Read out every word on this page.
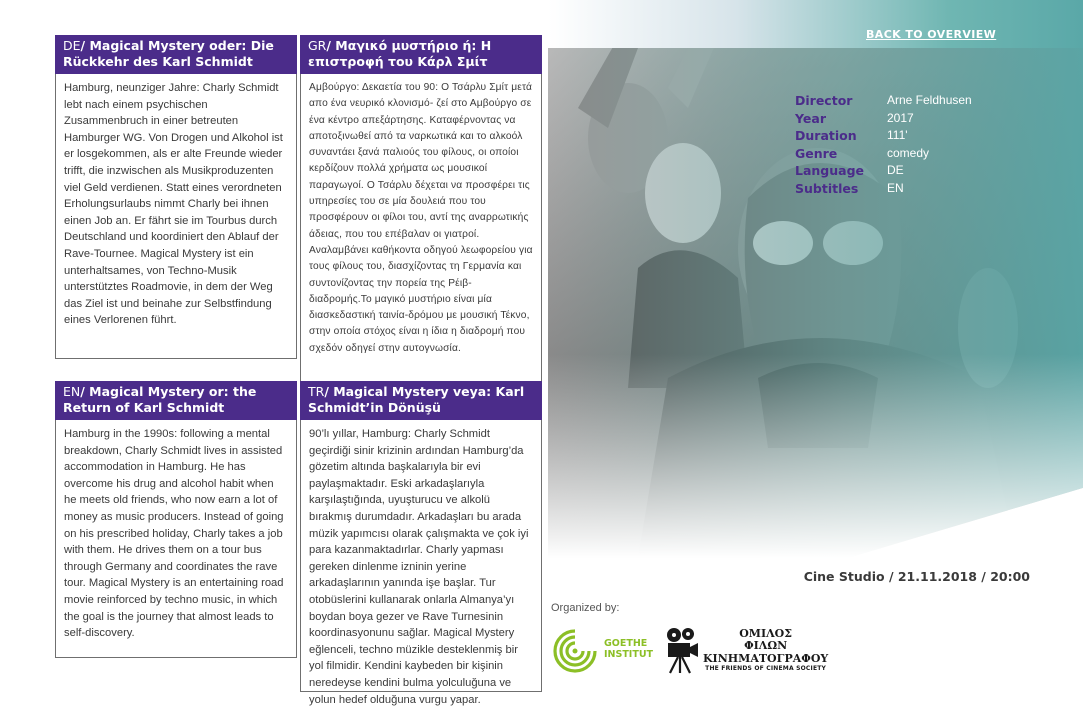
DE/ Magical Mystery oder: Die Rückkehr des Karl Schmidt
Hamburg, neunziger Jahre: Charly Schmidt lebt nach einem psychischen Zusammenbruch in einer betreuten Hamburger WG. Von Drogen und Alkohol ist er losgekommen, als er alte Freunde wieder trifft, die inzwischen als Musikproduzenten viel Geld verdienen. Statt eines verordneten Erholungsurlaubs nimmt Charly bei ihnen einen Job an. Er fährt sie im Tourbus durch Deutschland und koordiniert den Ablauf der Rave-Tournee. Magical Mystery ist ein unterhaltsames, von Techno-Musik unterstütztes Roadmovie, in dem der Weg das Ziel ist und beinahe zur Selbstfindung eines Verlorenen führt.
GR/ Μαγικό μυστήριο ή: Η επιστροφή του Κάρλ Σμίτ
Αμβούργο: Δεκαετία του 90: Ο Τσάρλυ Σμίτ μετά απο ένα νευρικό κλονισμό- ζεί στο Αμβούργο σε ένα κέντρο απεξάρτησης. Καταφέρνοντας να αποτοξινωθεί από τα ναρκωτικά και το αλκοόλ συναντάει ξανά παλιούς του φίλους, οι οποίοι κερδίζουν πολλά χρήματα ως μουσικοί παραγωγοί. Ο Τσάρλυ δέχεται να προσφέρει τις υπηρεσίες του σε μία δουλειά που του προσφέρουν οι φίλοι του, αντί της αναρρωτικής άδειας, που του επέβαλαν οι γιατροί. Αναλαμβάνει καθήκοντα οδηγού λεωφορείου για τους φίλους του, διασχίζοντας τη Γερμανία και συντονίζοντας την πορεία της Ρέιβ- διαδρομής.Το μαγικό μυστήριο είναι μία διασκεδαστική ταινία-δρόμου με μουσική Τέκνο, στην οποία στόχος είναι η ίδια η διαδρομή που σχεδόν οδηγεί στην αυτογνωσία.
EN/ Magical Mystery or: the Return of Karl Schmidt
Hamburg in the 1990s: following a mental breakdown, Charly Schmidt lives in assisted accommodation in Hamburg. He has overcome his drug and alcohol habit when he meets old friends, who now earn a lot of money as music producers. Instead of going on his prescribed holiday, Charly takes a job with them. He drives them on a tour bus through Germany and coordinates the rave tour. Magical Mystery is an entertaining road movie reinforced by techno music, in which the goal is the journey that almost leads to self-discovery.
TR/ Magical Mystery veya: Karl Schmidt’in Dönüşü
90’lı yıllar, Hamburg: Charly Schmidt geçirdiği sinir krizinin ardından Hamburg’da gözetim altında başkalarıyla bir evi paylaşmaktadır. Eski arkadaşlarıyla karşılaştığında, uyuşturucu ve alkolü bırakmış durumdadır. Arkadaşları bu arada müzik yapımcısı olarak çalışmakta ve çok iyi para kazanmaktadırlar. Charly yapması gereken dinlenme izninin yerine arkadaşlarının yanında işe başlar. Tur otobüslerini kullanarak onlarla Almanya’yı boydan boya gezer ve Rave Turnesinin koordinasyonunu sağlar. Magical Mystery eğlenceli, techno müzikle desteklenmiş bir yol filmidir. Kendini kaybeden bir kişinin neredeyse kendini bulma yolculuğuna ve yolun hedef olduğuna vurgu yapar.
BACK TO OVERVIEW
Director	Arne Feldhusen
Year	2017
Duration	111'
Genre	comedy
Language	DE
Subtitles	EN
Cine Studio / 21.11.2018 / 20:00
Organized by:
GOETHE
INSTITUT
ΟΜΙΛΟΣ
ΦΙΛΩΝ
ΚΙΝΗΜΑΤΟΓΡΑΦΟΥ
THE FRIENDS OF CINEMA SOCIETY
